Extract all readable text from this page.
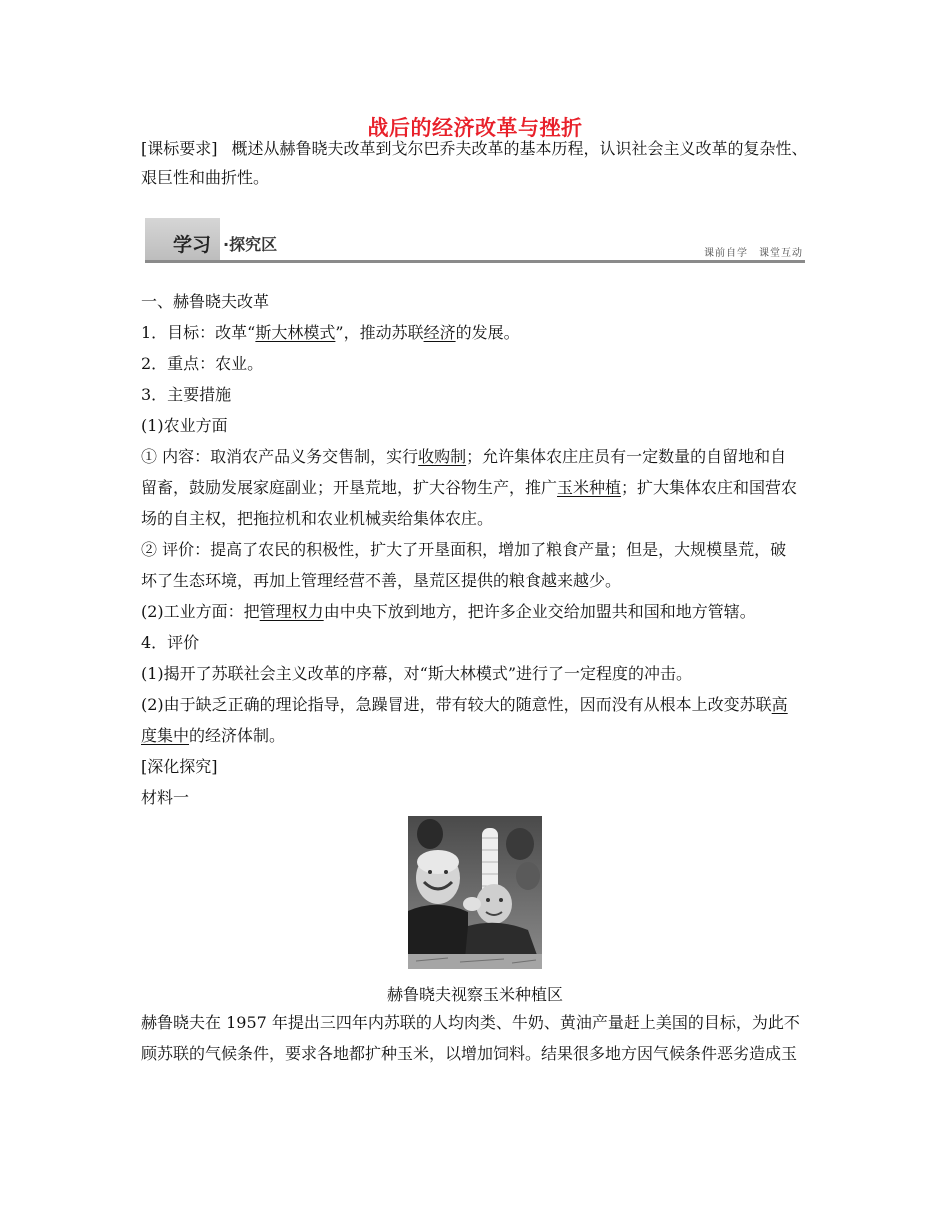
战后的经济改革与挫折
[课标要求] 概述从赫鲁晓夫改革到戈尔巴乔夫改革的基本历程，认识社会主义改革的复杂性、
艰巨性和曲折性。
学习 ·探究区	课前自学　课堂互动
一、赫鲁晓夫改革
1．目标：改革“斯大林模式”，推动苏联经济的发展。
2．重点：农业。
3．主要措施
(1)农业方面
① 内容：取消农产品义务交售制，实行收购制；允许集体农庄庄员有一定数量的自留地和自
留畜，鼓励发展家庭副业；开垦荒地，扩大谷物生产，推广玉米种植；扩大集体农庄和国营农
场的自主权，把拖拉机和农业机械卖给集体农庄。
② 评价：提高了农民的积极性，扩大了开垦面积，增加了粮食产量；但是，大规模垦荒，破
坏了生态环境，再加上管理经营不善，垦荒区提供的粮食越来越少。
(2)工业方面：把管理权力由中央下放到地方，把许多企业交给加盟共和国和地方管辖。
4．评价
(1)揭开了苏联社会主义改革的序幕，对“斯大林模式”进行了一定程度的冲击。
(2)由于缺乏正确的理论指导，急躁冒进，带有较大的随意性，因而没有从根本上改变苏联高
度集中的经济体制。
[深化探究]
材料一
赫鲁晓夫视察玉米种植区
赫鲁晓夫在 1957 年提出三四年内苏联的人均肉类、牛奶、黄油产量赶上美国的目标，为此不
顾苏联的气候条件，要求各地都扩种玉米，以增加饲料。结果很多地方因气候条件恶劣造成玉
